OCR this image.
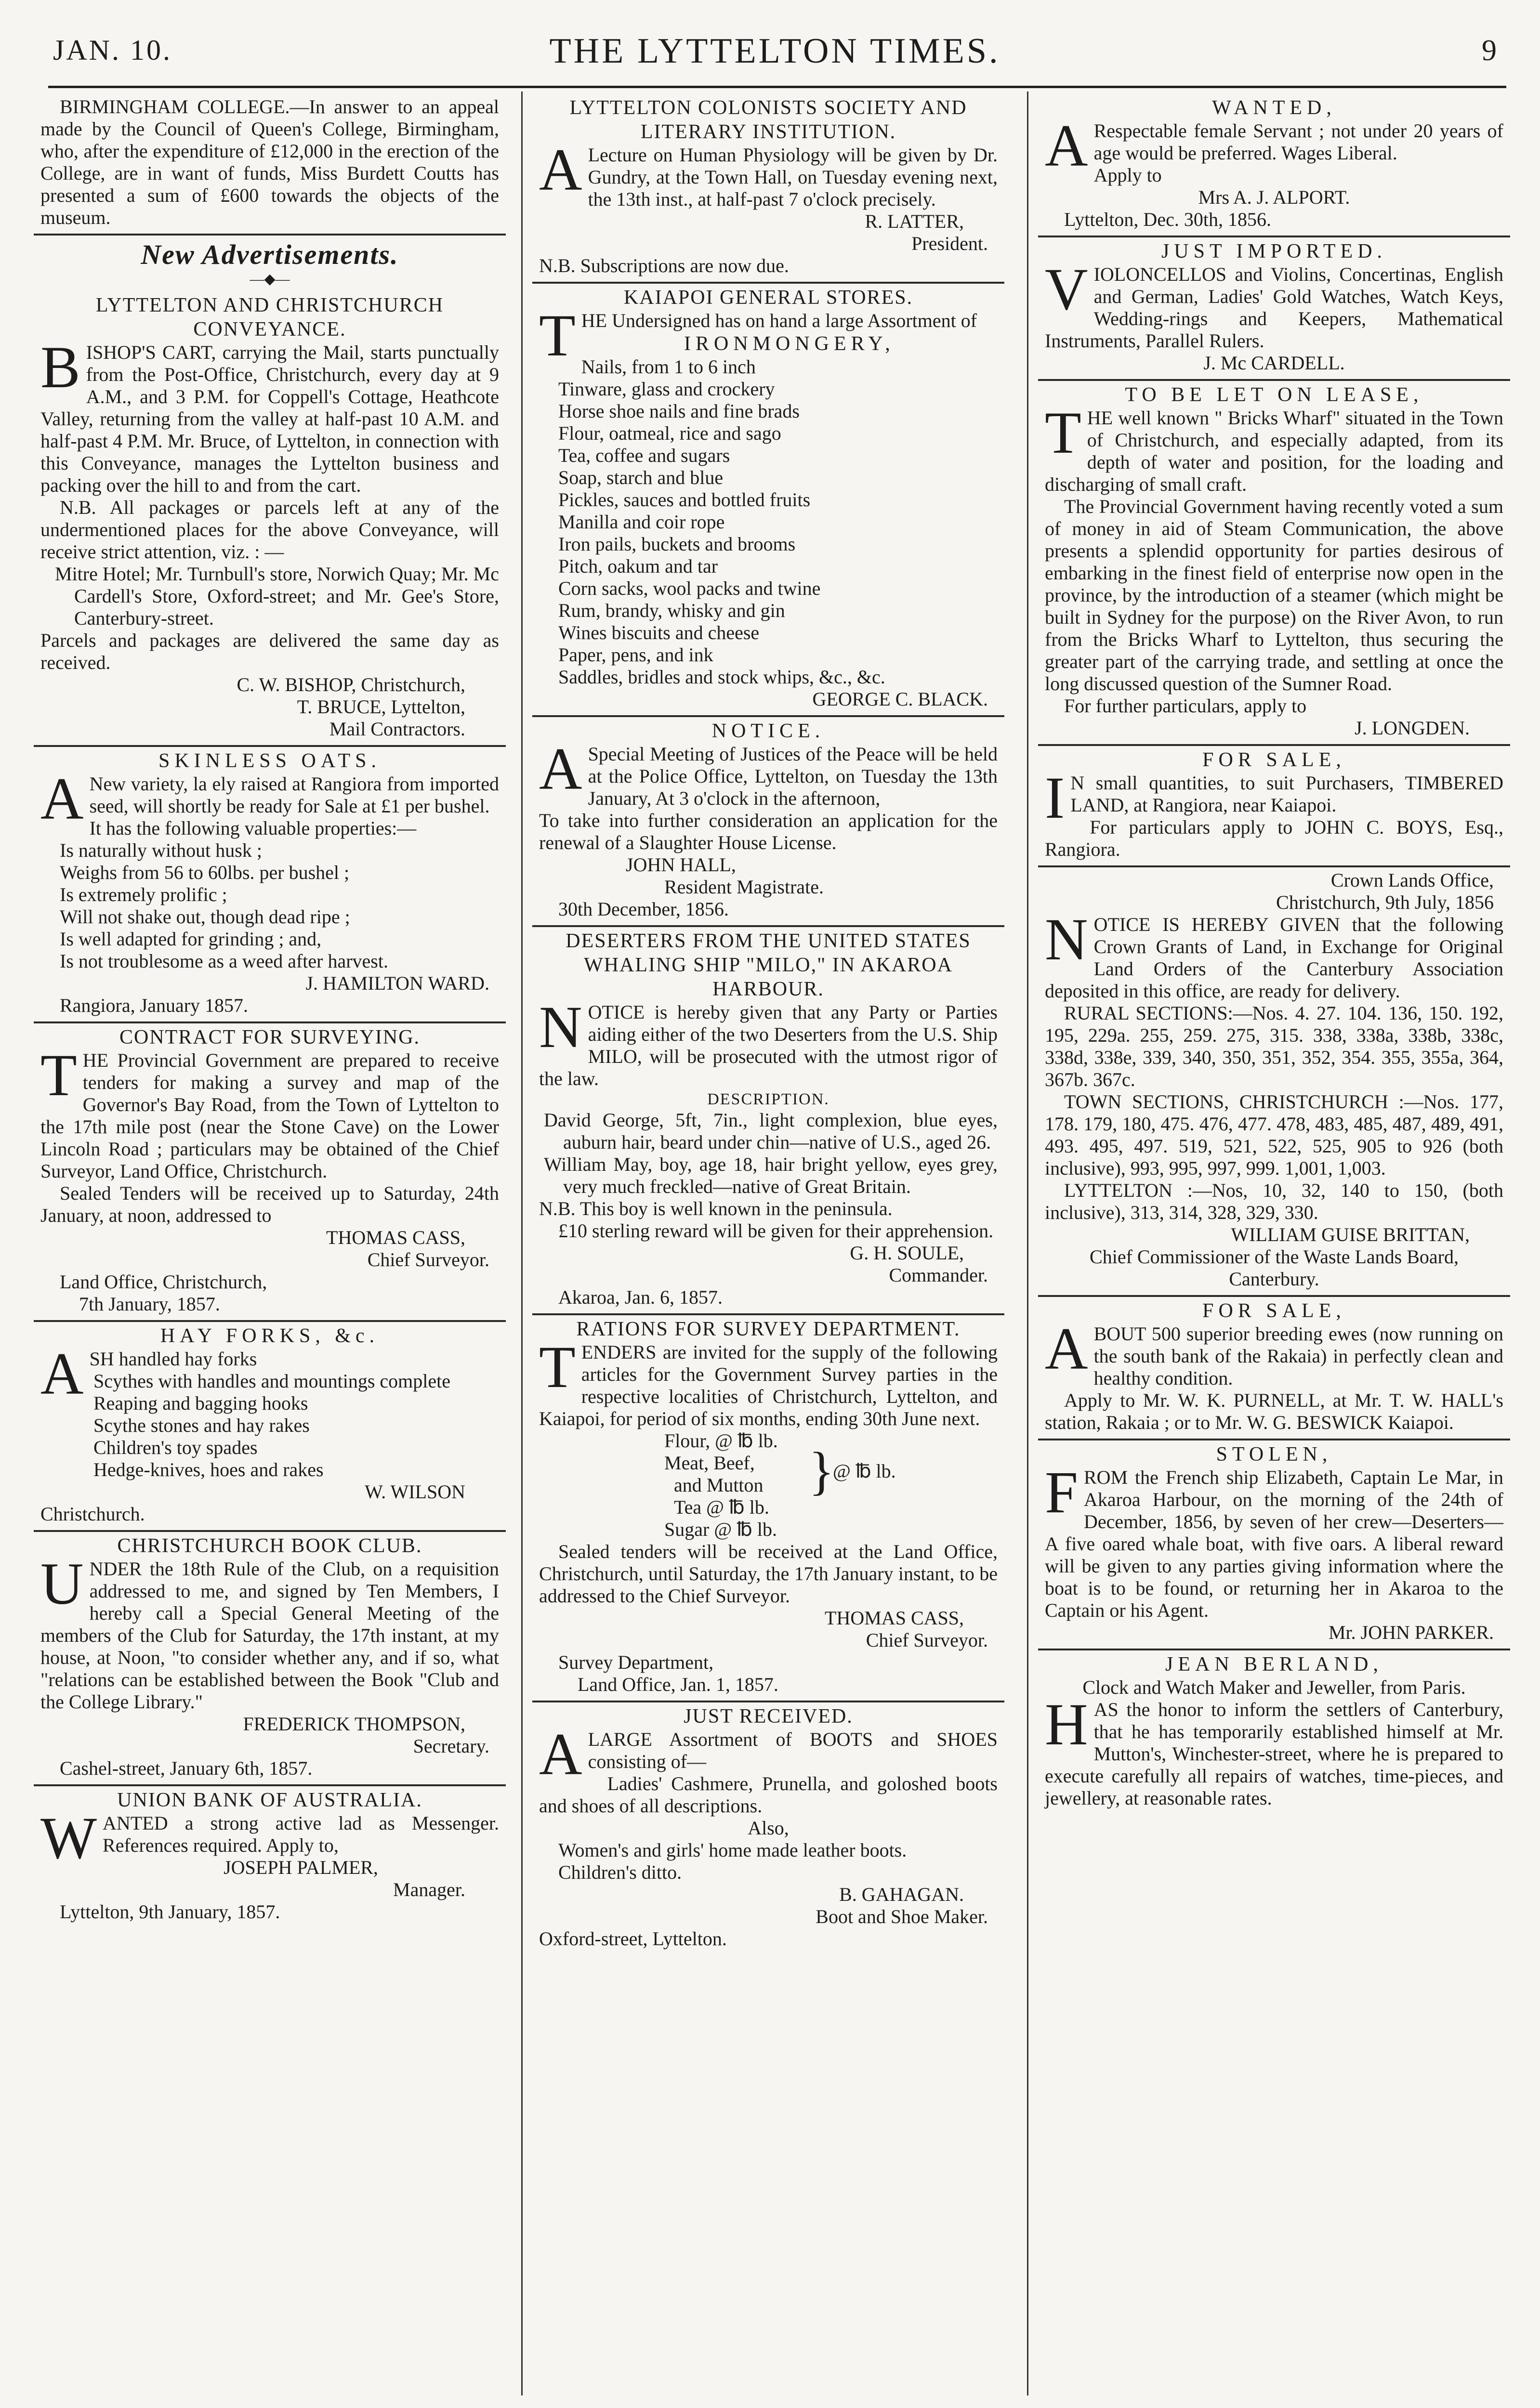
JAN. 10.	THE LYTTELTON TIMES.	9

BIRMINGHAM COLLEGE.—In answer to an appeal made by the Council of Queen's College, Birmingham, who, after the expenditure of £12,000 in the erection of the College, are in want of funds, Miss Burdett Coutts has presented a sum of £600 towards the objects of the museum.

New Advertisements.
—◆—
LYTTELTON AND CHRISTCHURCH CONVEYANCE.

BISHOP'S CART, carrying the Mail, starts punctually from the Post-Office, Christchurch, every day at 9 A.M., and 3 P.M. for Coppell's Cottage, Heathcote Valley, returning from the valley at half-past 10 A.M. and half-past 4 P.M. Mr. Bruce, of Lyttelton, in connection with this Conveyance, manages the Lyttelton business and packing over the hill to and from the cart.

N.B. All packages or parcels left at any of the undermentioned places for the above Conveyance, will receive strict attention, viz. : —

Mitre Hotel; Mr. Turnbull's store, Norwich Quay; Mr. Mc Cardell's Store, Oxford-street; and Mr. Gee's Store, Canterbury-street.

Parcels and packages are delivered the same day as received.

C. W. BISHOP, Christchurch,

T. BRUCE, Lyttelton,

Mail Contractors.

SKINLESS OATS.

A New variety, la ely raised at Rangiora from imported seed, will shortly be ready for Sale at £1 per bushel.

It has the following valuable properties:—

Is naturally without husk ;

Weighs from 56 to 60lbs. per bushel ;

Is extremely prolific ;

Will not shake out, though dead ripe ;

Is well adapted for grinding ; and,

Is not troublesome as a weed after harvest.

J. HAMILTON WARD.

Rangiora, January 1857.

CONTRACT FOR SURVEYING.

THE Provincial Government are prepared to receive tenders for making a survey and map of the Governor's Bay Road, from the Town of Lyttelton to the 17th mile post (near the Stone Cave) on the Lower Lincoln Road ; particulars may be obtained of the Chief Surveyor, Land Office, Christchurch.

Sealed Tenders will be received up to Saturday, 24th January, at noon, addressed to

THOMAS CASS,

Chief Surveyor.

Land Office, Christchurch,

7th January, 1857.

HAY FORKS, &c.

ASH handled hay forks

Scythes with handles and mountings complete

Reaping and bagging hooks

Scythe stones and hay rakes

Children's toy spades

Hedge-knives, hoes and rakes

W. WILSON

Christchurch.

CHRISTCHURCH BOOK CLUB.

UNDER the 18th Rule of the Club, on a requisition addressed to me, and signed by Ten Members, I hereby call a Special General Meeting of the members of the Club for Saturday, the 17th instant, at my house, at Noon, "to consider whether any, and if so, what "relations can be established between the Book "Club and the College Library."

FREDERICK THOMPSON,

Secretary.

Cashel-street, January 6th, 1857.

UNION BANK OF AUSTRALIA.

WANTED a strong active lad as Messenger. References required. Apply to,

JOSEPH PALMER,

Manager.

Lyttelton, 9th January, 1857.

LYTTELTON COLONISTS SOCIETY AND LITERARY INSTITUTION.

A Lecture on Human Physiology will be given by Dr. Gundry, at the Town Hall, on Tuesday evening next, the 13th inst., at half-past 7 o'clock precisely.

R. LATTER,

President.

N.B. Subscriptions are now due.

KAIAPOI GENERAL STORES.

THE Undersigned has on hand a large Assortment of

IRONMONGERY,

Nails, from 1 to 6 inch

Tinware, glass and crockery

Horse shoe nails and fine brads

Flour, oatmeal, rice and sago

Tea, coffee and sugars

Soap, starch and blue

Pickles, sauces and bottled fruits

Manilla and coir rope

Iron pails, buckets and brooms

Pitch, oakum and tar

Corn sacks, wool packs and twine

Rum, brandy, whisky and gin

Wines biscuits and cheese

Paper, pens, and ink

Saddles, bridles and stock whips, &c., &c.

GEORGE C. BLACK.

NOTICE.

A Special Meeting of Justices of the Peace will be held at the Police Office, Lyttelton, on Tuesday the 13th January, At 3 o'clock in the afternoon,

To take into further consideration an application for the renewal of a Slaughter House License.

JOHN HALL,

Resident Magistrate.

30th December, 1856.

DESERTERS FROM THE UNITED STATES WHALING SHIP "MILO," IN AKAROA HARBOUR.

NOTICE is hereby given that any Party or Parties aiding either of the two Deserters from the U.S. Ship MILO, will be prosecuted with the utmost rigor of the law.

DESCRIPTION.

David George, 5ft, 7in., light complexion, blue eyes, auburn hair, beard under chin—native of U.S., aged 26.

William May, boy, age 18, hair bright yellow, eyes grey, very much freckled—native of Great Britain.

N.B. This boy is well known in the peninsula.

£10 sterling reward will be given for their apprehension.

G. H. SOULE,

Commander.

Akaroa, Jan. 6, 1857.

RATIONS FOR SURVEY DEPARTMENT.

TENDERS are invited for the supply of the following articles for the Government Survey parties in the respective localities of Christchurch, Lyttelton, and Kaiapoi, for period of six months, ending 30th June next.

Flour, @ ℔ lb.

Meat, Beef,

and Mutton

Tea @ ℔ lb.

Sugar @ ℔ lb.

}
@ ℔ lb.

Sealed tenders will be received at the Land Office, Christchurch, until Saturday, the 17th January instant, to be addressed to the Chief Surveyor.

THOMAS CASS,

Chief Surveyor.

Survey Department,

Land Office, Jan. 1, 1857.

JUST RECEIVED.

ALARGE Assortment of BOOTS and SHOES consisting of—

Ladies' Cashmere, Prunella, and goloshed boots and shoes of all descriptions.

Also,

Women's and girls' home made leather boots.

Children's ditto.

B. GAHAGAN.

Boot and Shoe Maker.

Oxford-street, Lyttelton.

WANTED,

A Respectable female Servant ; not under 20 years of age would be preferred. Wages Liberal.

Apply to

Mrs A. J. ALPORT.

Lyttelton, Dec. 30th, 1856.

JUST IMPORTED.

VIOLONCELLOS and Violins, Concertinas, English and German, Ladies' Gold Watches, Watch Keys, Wedding-rings and Keepers, Mathematical Instruments, Parallel Rulers.

J. Mc CARDELL.

TO BE LET ON LEASE,

THE well known " Bricks Wharf" situated in the Town of Christchurch, and especially adapted, from its depth of water and position, for the loading and discharging of small craft.

The Provincial Government having recently voted a sum of money in aid of Steam Communication, the above presents a splendid opportunity for parties desirous of embarking in the finest field of enterprise now open in the province, by the introduction of a steamer (which might be built in Sydney for the purpose) on the River Avon, to run from the Bricks Wharf to Lyttelton, thus securing the greater part of the carrying trade, and settling at once the long discussed question of the Sumner Road.

For further particulars, apply to

J. LONGDEN.

FOR SALE,

I N small quantities, to suit Purchasers, TIMBERED LAND, at Rangiora, near Kaiapoi.

For particulars apply to JOHN C. BOYS, Esq., Rangiora.

Crown Lands Office,

Christchurch, 9th July, 1856

NOTICE IS HEREBY GIVEN that the following Crown Grants of Land, in Exchange for Original Land Orders of the Canterbury Association deposited in this office, are ready for delivery.

RURAL SECTIONS:—Nos. 4. 27. 104. 136, 150. 192, 195, 229a. 255, 259. 275, 315. 338, 338a, 338b, 338c, 338d, 338e, 339, 340, 350, 351, 352, 354. 355, 355a, 364, 367b. 367c.

TOWN SECTIONS, CHRISTCHURCH :—Nos. 177, 178. 179, 180, 475. 476, 477. 478, 483, 485, 487, 489, 491, 493. 495, 497. 519, 521, 522, 525, 905 to 926 (both inclusive), 993, 995, 997, 999. 1,001, 1,003.

LYTTELTON :—Nos, 10, 32, 140 to 150, (both inclusive), 313, 314, 328, 329, 330.

WILLIAM GUISE BRITTAN,

Chief Commissioner of the Waste Lands Board, Canterbury.

FOR SALE,

ABOUT 500 superior breeding ewes (now running on the south bank of the Rakaia) in perfectly clean and healthy condition.

Apply to Mr. W. K. PURNELL, at Mr. T. W. HALL's station, Rakaia ; or to Mr. W. G. BESWICK Kaiapoi.

STOLEN,

FROM the French ship Elizabeth, Captain Le Mar, in Akaroa Harbour, on the morning of the 24th of December, 1856, by seven of her crew—Deserters—A five oared whale boat, with five oars. A liberal reward will be given to any parties giving information where the boat is to be found, or returning her in Akaroa to the Captain or his Agent.

Mr. JOHN PARKER.

JEAN BERLAND,

Clock and Watch Maker and Jeweller, from Paris.

HAS the honor to inform the settlers of Canterbury, that he has temporarily established himself at Mr. Mutton's, Winchester-street, where he is prepared to execute carefully all repairs of watches, time-pieces, and jewellery, at reasonable rates.
